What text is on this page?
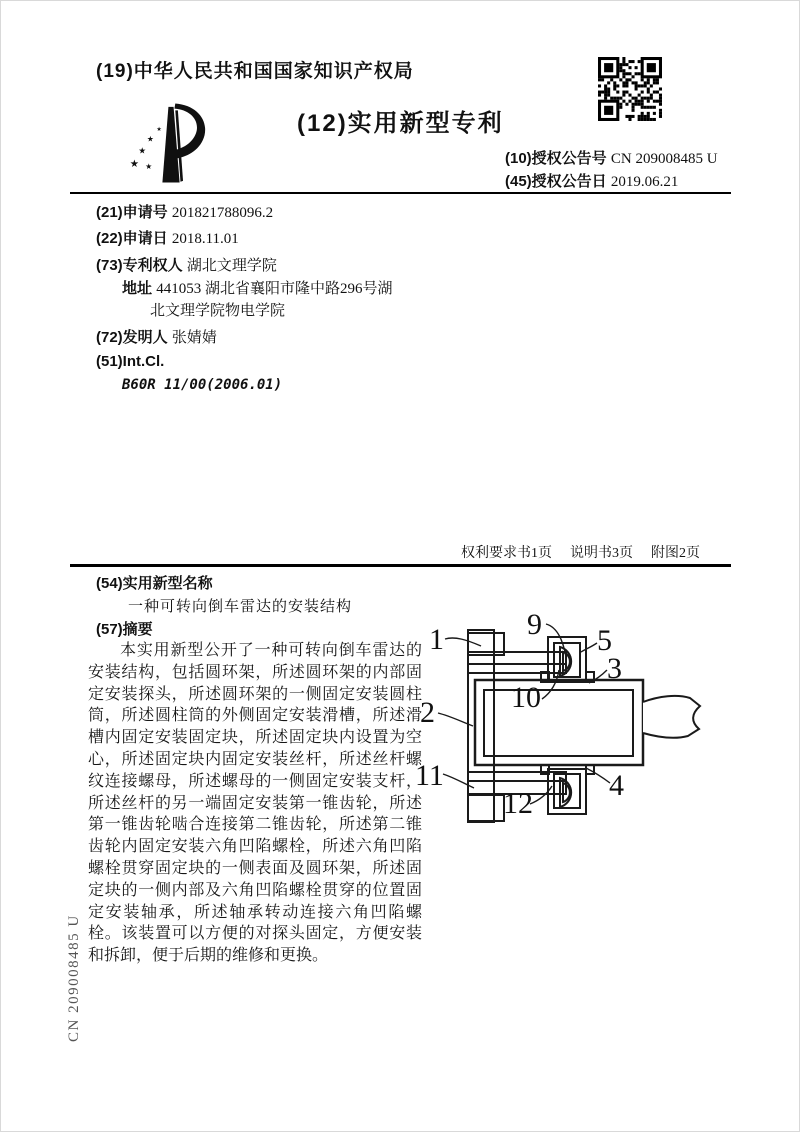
(19)中华人民共和国国家知识产权局
★
★
★
★
★	(12)实用新型专利
(10)授权公告号 CN 209008485 U
(45)授权公告日 2019.06.21
(21)申请号 201821788096.2
(22)申请日 2018.11.01
(73)专利权人 湖北文理学院
地址 441053 湖北省襄阳市隆中路296号湖
北文理学院物电学院
(72)发明人 张婧婧
(51)Int.Cl.
B60R 11/00(2006.01)
权利要求书1页 说明书3页 附图2页
(54)实用新型名称
一种可转向倒车雷达的安装结构
(57)摘要
本实用新型公开了一种可转向倒车雷达的安装结构，包括圆环架，所述圆环架的内部固定安装探头，所述圆环架的一侧固定安装圆柱筒，所述圆柱筒的外侧固定安装滑槽，所述滑槽内固定安装固定块，所述固定块内设置为空心，所述固定块内固定安装丝杆，所述丝杆螺纹连接螺母，所述螺母的一侧固定安装支杆，所述丝杆的另一端固定安装第一锥齿轮，所述第一锥齿轮啮合连接第二锥齿轮，所述第二锥齿轮内固定安装六角凹陷螺栓，所述六角凹陷螺栓贯穿固定块的一侧表面及圆环架，所述固定块的一侧内部及六角凹陷螺栓贯穿的位置固定安装轴承，所述轴承转动连接六角凹陷螺栓。该装置可以方便的对探头固定，方便安装和拆卸，便于后期的维修和更换。
1	9 5
3
2	10
11	4
12
CN 209008485 U
